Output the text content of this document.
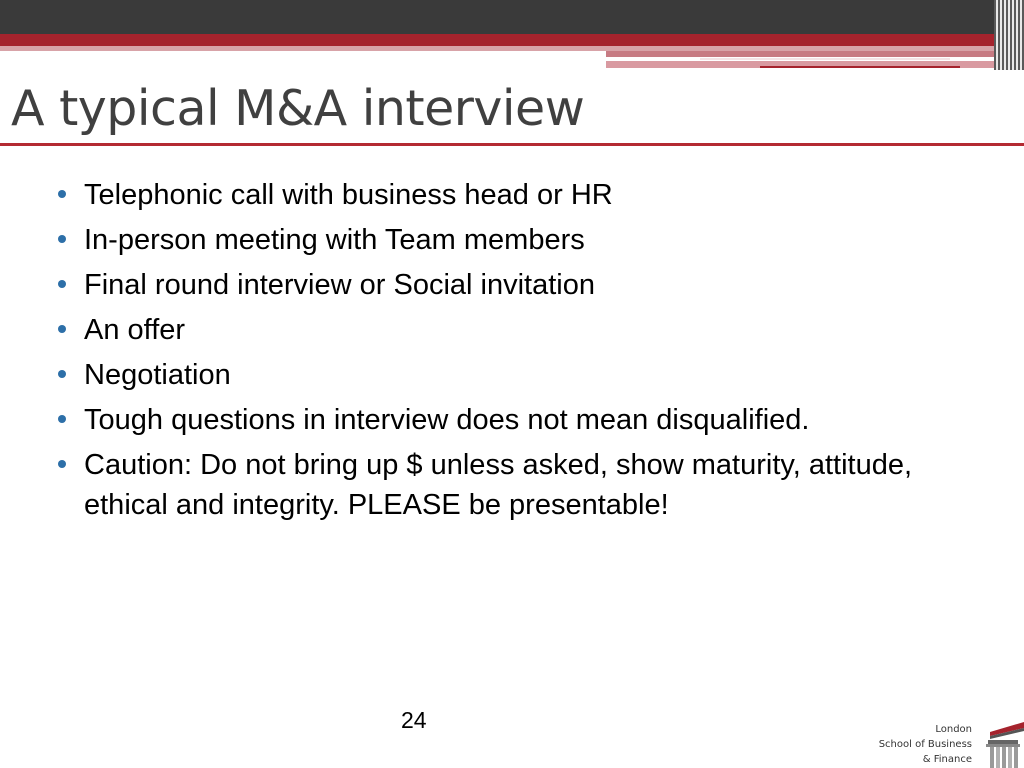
A typical M&A interview
Telephonic call with business head or HR
In-person meeting with Team members
Final round interview or Social invitation
An offer
Negotiation
Tough questions in interview does not mean disqualified.
Caution: Do not bring up $ unless asked, show maturity, attitude, ethical and integrity. PLEASE be presentable!
24	London
School of Business
& Finance
